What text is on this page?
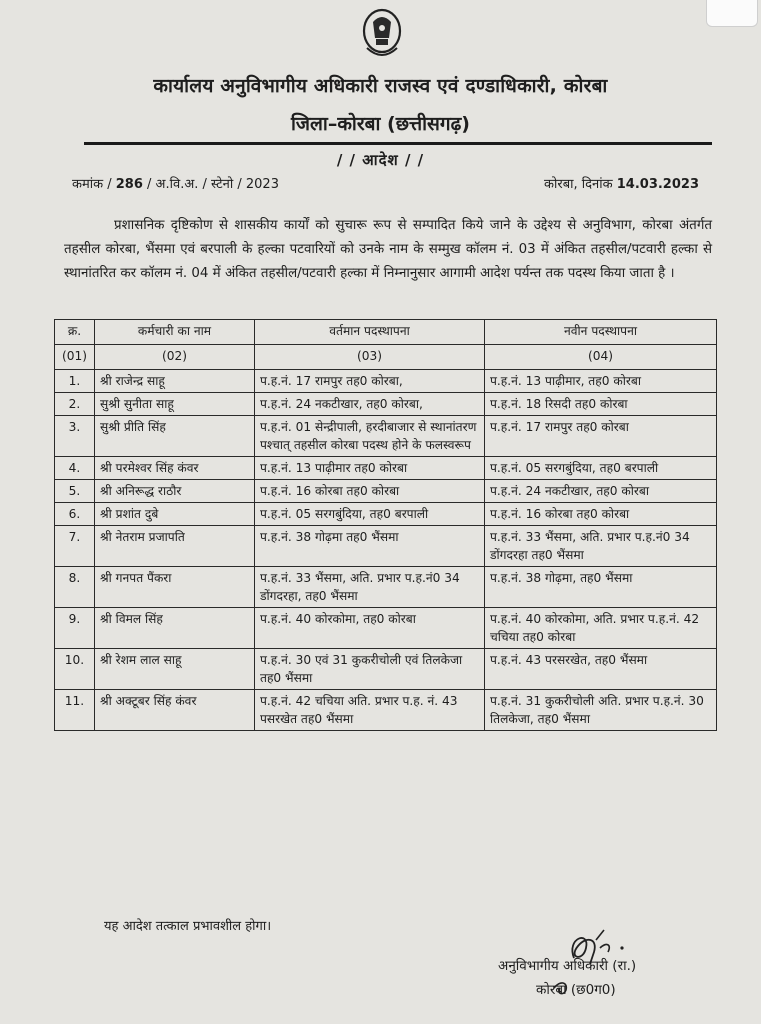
कार्यालय अनुविभागीय अधिकारी राजस्व एवं दण्डाधिकारी, कोरबा
जिला–कोरबा (छत्तीसगढ़)
/ / आदेश / /
कमांक / 286 / अ.वि.अ. / स्टेनो / 2023	कोरबा, दिनांक 14.03.2023
प्रशासनिक दृष्टिकोण से शासकीय कार्यों को सुचारू रूप से सम्पादित किये जाने के उद्देश्य से अनुविभाग, कोरबा अंतर्गत तहसील कोरबा, भैंसमा एवं बरपाली के हल्का पटवारियों को उनके नाम के सम्मुख कॉलम नं. 03 में अंकित तहसील/पटवारी हल्का से स्थानांतरित कर कॉलम नं. 04 में अंकित तहसील/पटवारी हल्का में निम्नानुसार आगामी आदेश पर्यन्त तक पदस्थ किया जाता है ।
क्र.	कर्मचारी का नाम	वर्तमान पदस्थापना	नवीन पदस्थापना
(01)	(02)	(03)	(04)
1.	श्री राजेन्द्र साहू	प.ह.नं. 17 रामपुर तह0 कोरबा,	प.ह.नं. 13 पाढ़ीमार, तह0 कोरबा
2.	सुश्री सुनीता साहू	प.ह.नं. 24 नकटीखार, तह0 कोरबा,	प.ह.नं. 18 रिसदी तह0 कोरबा
3.	सुश्री प्रीति सिंह	प.ह.नं. 01 सेन्द्रीपाली, हरदीबाजार से स्थानांतरण पश्चात् तहसील कोरबा पदस्थ होने के फलस्वरूप	प.ह.नं. 17 रामपुर तह0 कोरबा
4.	श्री परमेश्वर सिंह कंवर	प.ह.नं. 13 पाढ़ीमार तह0 कोरबा	प.ह.नं. 05 सरगबुंदिया, तह0 बरपाली
5.	श्री अनिरूद्ध राठौर	प.ह.नं. 16 कोरबा तह0 कोरबा	प.ह.नं. 24 नकटीखार, तह0 कोरबा
6.	श्री प्रशांत दुबे	प.ह.नं. 05 सरगबुंदिया, तह0 बरपाली	प.ह.नं. 16 कोरबा तह0 कोरबा
7.	श्री नेतराम प्रजापति	प.ह.नं. 38 गोढ़मा तह0 भैंसमा	प.ह.नं. 33 भैंसमा, अति. प्रभार प.ह.नं0 34 डोंगदरहा तह0 भैंसमा
8.	श्री गनपत पैंकरा	प.ह.नं. 33 भैंसमा, अति. प्रभार प.ह.नं0 34 डोंगदरहा, तह0 भैंसमा	प.ह.नं. 38 गोढ़मा, तह0 भैंसमा
9.	श्री विमल सिंह	प.ह.नं. 40 कोरकोमा, तह0 कोरबा	प.ह.नं. 40 कोरकोमा, अति. प्रभार प.ह.नं. 42 चचिया तह0 कोरबा
10.	श्री रेशम लाल साहू	प.ह.नं. 30 एवं 31 कुकरीचोली एवं तिलकेजा तह0 भैंसमा	प.ह.नं. 43 परसरखेत, तह0 भैंसमा
11.	श्री अक्टूबर सिंह कंवर	प.ह.नं. 42 चचिया अति. प्रभार प.ह. नं. 43 पसरखेत तह0 भैंसमा	प.ह.नं. 31 कुकरीचोली अति. प्रभार प.ह.नं. 30 तिलकेजा, तह0 भैंसमा
यह आदेश तत्काल प्रभावशील होगा।
अनुविभागीय अधिकारी (रा.)
कोरबा (छ0ग0)
